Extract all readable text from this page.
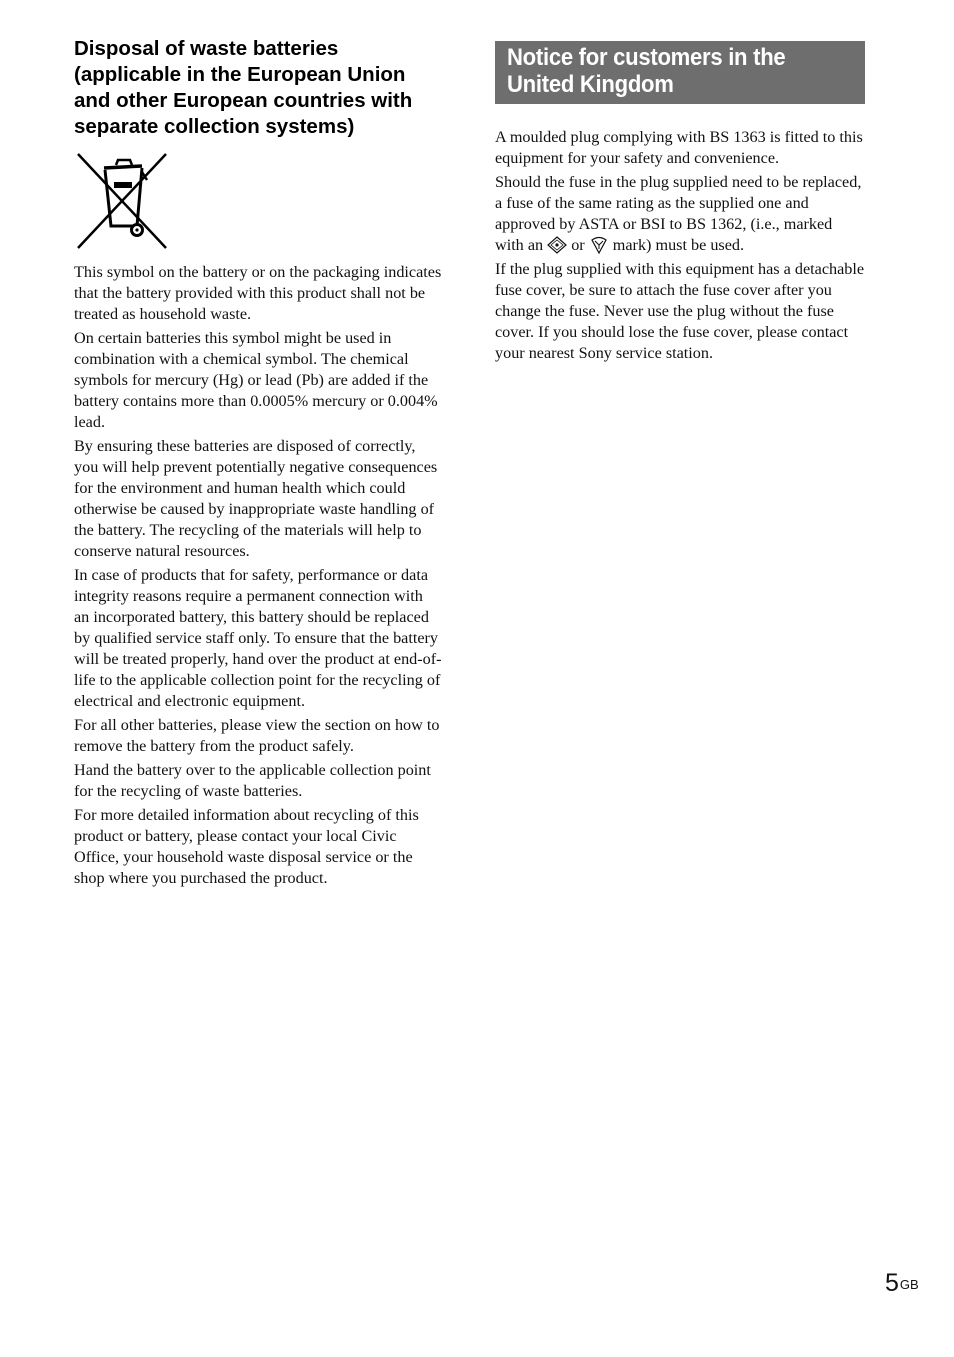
Disposal of waste batteries (applicable in the European Union and other European countries with separate collection systems)

This symbol on the battery or on the packaging indicates that the battery provided with this product shall not be treated as household waste.

On certain batteries this symbol might be used in combination with a chemical symbol. The chemical symbols for mercury (Hg) or lead (Pb) are added if the battery contains more than 0.0005% mercury or 0.004% lead.

By ensuring these batteries are disposed of correctly, you will help prevent potentially negative consequences for the environment and human health which could otherwise be caused by inappropriate waste handling of the battery. The recycling of the materials will help to conserve natural resources.

In case of products that for safety, performance or data integrity reasons require a permanent connection with an incorporated battery, this battery should be replaced by qualified service staff only. To ensure that the battery will be treated properly, hand over the product at end-of-life to the applicable collection point for the recycling of electrical and electronic equipment.

For all other batteries, please view the section on how to remove the battery from the product safely.

Hand the battery over to the applicable collection point for the recycling of waste batteries.

For more detailed information about recycling of this product or battery, please contact your local Civic Office, your household waste disposal service or the shop where you purchased the product.

Notice for customers in the
United Kingdom

A moulded plug complying with BS 1363 is fitted to this equipment for your safety and convenience.

Should the fuse in the plug supplied need to be replaced, a fuse of the same rating as the supplied one and approved by ASTA or BSI to BS 1362, (i.e., marked with an or mark) must be used.

If the plug supplied with this equipment has a detachable fuse cover, be sure to attach the fuse cover after you change the fuse. Never use the plug without the fuse cover. If you should lose the fuse cover, please contact your nearest Sony service station.

$5^{GB}$
